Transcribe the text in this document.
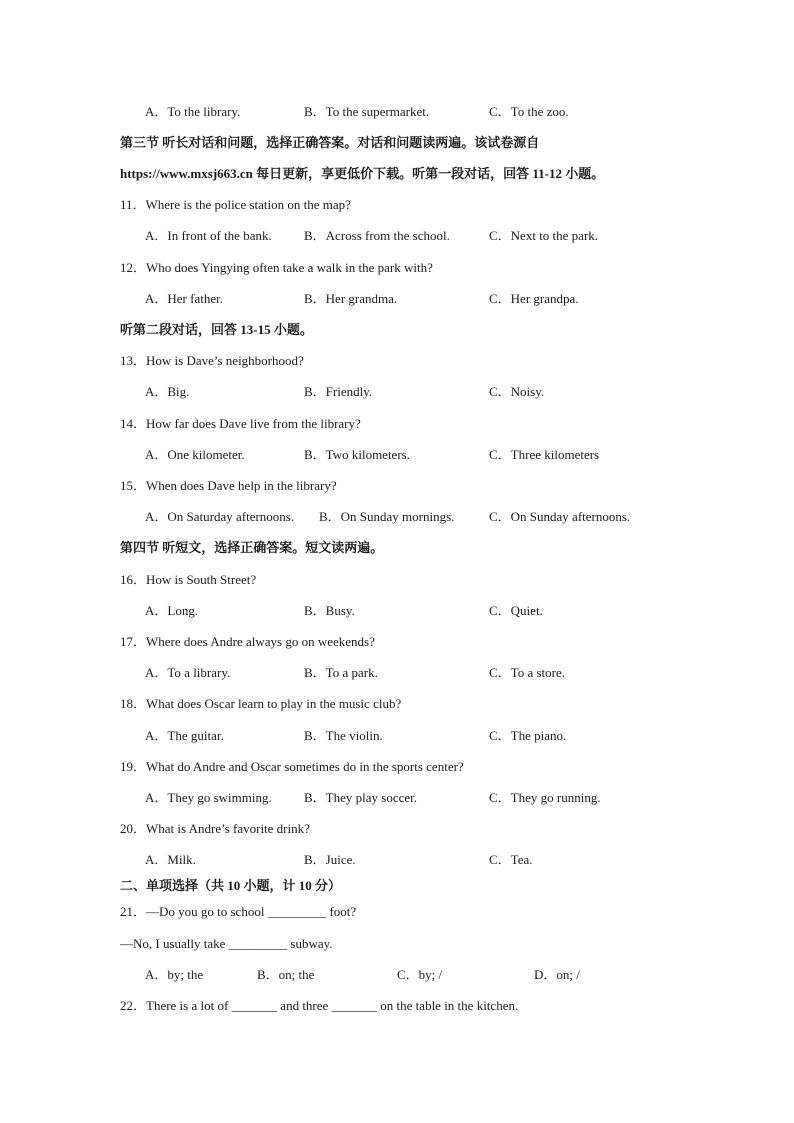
A．To the library.	B．To the supermarket.	C．To the zoo.
第三节 听长对话和问题，选择正确答案。对话和问题读两遍。该试卷源自
https://www.mxsj663.cn 每日更新，享更低价下载。听第一段对话，回答 11-12 小题。
11．Where is the police station on the map?
A．In front of the bank. B．Across from the school.	C．Next to the park.
12．Who does Yingying often take a walk in the park with?
A．Her father.	B．Her grandma.	C．Her grandpa.
听第二段对话，回答 13-15 小题。
13．How is Dave’s neighborhood?
A．Big.	B．Friendly.	C．Noisy.
14．How far does Dave live from the library?
A．One kilometer.	B．Two kilometers.	C．Three kilometers
15．When does Dave help in the library?
A．On Saturday afternoons. B．On Sunday mornings.	C．On Sunday afternoons.
第四节 听短文，选择正确答案。短文读两遍。
16．How is South Street?
A．Long.	B．Busy.	C．Quiet.
17．Where does Andre always go on weekends?
A．To a library.	B．To a park.	C．To a store.
18．What does Oscar learn to play in the music club?
A．The guitar.	B．The violin.	C．The piano.
19．What do Andre and Oscar sometimes do in the sports center?
A．They go swimming. B．They play soccer.	C．They go running.
20．What is Andre’s favorite drink?
A．Milk.	B．Juice.	C．Tea.
二、单项选择（共 10 小题，计 10 分）
21．—Do you go to school _________ foot?
—No, I usually take _________ subway.
A．by; the	B．on; the	C．by; /	D．on; /
22．There is a lot of _______ and three _______ on the table in the kitchen.
